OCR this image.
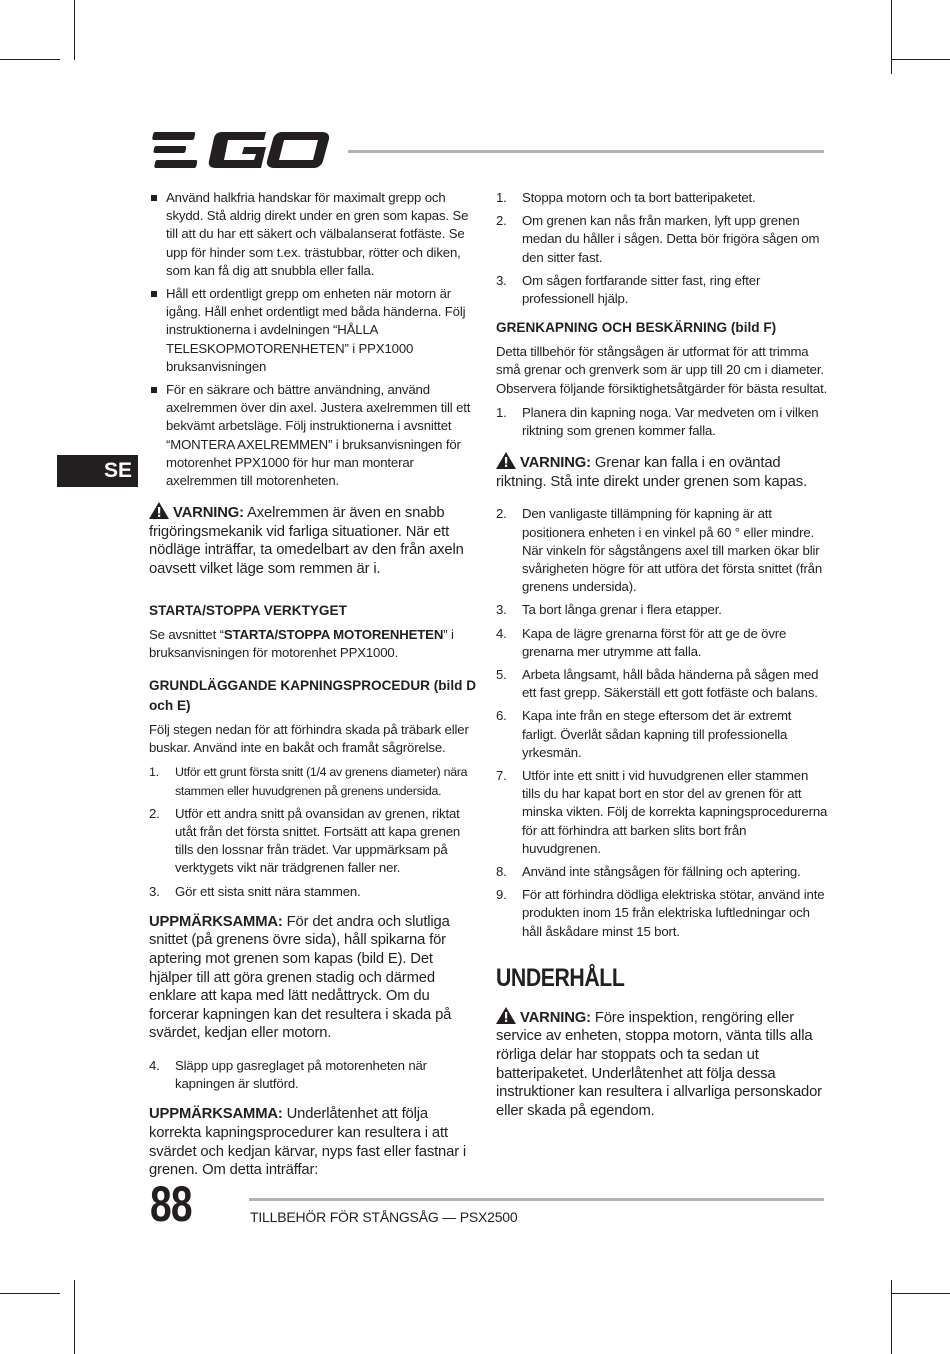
SE
Använd halkfria handskar för maximalt grepp och skydd. Stå aldrig direkt under en gren som kapas. Se till att du har ett säkert och välbalanserat fotfäste. Se upp för hinder som t.ex. trästubbar, rötter och diken, som kan få dig att snubbla eller falla.
Håll ett ordentligt grepp om enheten när motorn är igång. Håll enhet ordentligt med båda händerna. Följ instruktionerna i avdelningen “HÅLLA TELESKOPMOTORENHETEN” i PPX1000 bruksanvisningen
För en säkrare och bättre användning, använd axelremmen över din axel. Justera axelremmen till ett bekvämt arbetsläge. Följ instruktionerna i avsnittet “MONTERA AXELREMMEN” i bruksanvisningen för motorenhet PPX1000 för hur man monterar axelremmen till motorenheten.
VARNING: Axelremmen är även en snabb frigöringsmekanik vid farliga situationer. När ett nödläge inträffar, ta omedelbart av den från axeln oavsett vilket läge som remmen är i.
STARTA/STOPPA VERKTYGET
Se avsnittet “STARTA/STOPPA MOTORENHETEN” i bruksanvisningen för motorenhet PPX1000.
GRUNDLÄGGANDE KAPNINGSPROCEDUR (bild D och E)
Följ stegen nedan för att förhindra skada på träbark eller buskar. Använd inte en bakåt och framåt sågrörelse.
1. Utför ett grunt första snitt (1/4 av grenens diameter) nära stammen eller huvudgrenen på grenens undersida.
2. Utför ett andra snitt på ovansidan av grenen, riktat utåt från det första snittet. Fortsätt att kapa grenen tills den lossnar från trädet. Var uppmärksam på verktygets vikt när trädgrenen faller ner.
3. Gör ett sista snitt nära stammen.
UPPMÄRKSAMMA: För det andra och slutliga snittet (på grenens övre sida), håll spikarna för aptering mot grenen som kapas (bild E). Det hjälper till att göra grenen stadig och därmed enklare att kapa med lätt nedåttryck. Om du forcerar kapningen kan det resultera i skada på svärdet, kedjan eller motorn.
4. Släpp upp gasreglaget på motorenheten när kapningen är slutförd.
UPPMÄRKSAMMA: Underlåtenhet att följa korrekta kapningsprocedurer kan resultera i att svärdet och kedjan kärvar, nyps fast eller fastnar i grenen. Om detta inträffar:
1. Stoppa motorn och ta bort batteripaketet.
2. Om grenen kan nås från marken, lyft upp grenen medan du håller i sågen. Detta bör frigöra sågen om den sitter fast.
3. Om sågen fortfarande sitter fast, ring efter professionell hjälp.
GRENKAPNING OCH BESKÄRNING (bild F)
Detta tillbehör för stångsågen är utformat för att trimma små grenar och grenverk som är upp till 20 cm i diameter. Observera följande försiktighetsåtgärder för bästa resultat.
1. Planera din kapning noga. Var medveten om i vilken riktning som grenen kommer falla.
VARNING: Grenar kan falla i en oväntad riktning. Stå inte direkt under grenen som kapas.
2. Den vanligaste tillämpning för kapning är att positionera enheten i en vinkel på 60 ° eller mindre. När vinkeln för sågstångens axel till marken ökar blir svårigheten högre för att utföra det första snittet (från grenens undersida).
3. Ta bort långa grenar i flera etapper.
4. Kapa de lägre grenarna först för att ge de övre grenarna mer utrymme att falla.
5. Arbeta långsamt, håll båda händerna på sågen med ett fast grepp. Säkerställ ett gott fotfäste och balans.
6. Kapa inte från en stege eftersom det är extremt farligt. Överlåt sådan kapning till professionella yrkesmän.
7. Utför inte ett snitt i vid huvudgrenen eller stammen tills du har kapat bort en stor del av grenen för att minska vikten. Följ de korrekta kapningsprocedurerna för att förhindra att barken slits bort från huvudgrenen.
8. Använd inte stångsågen för fällning och aptering.
9. För att förhindra dödliga elektriska stötar, använd inte produkten inom 15 från elektriska luftledningar och håll åskådare minst 15 bort.
UNDERHÅLL
VARNING: Före inspektion, rengöring eller service av enheten, stoppa motorn, vänta tills alla rörliga delar har stoppats och ta sedan ut batteripaketet. Underlåtenhet att följa dessa instruktioner kan resultera i allvarliga personskador eller skada på egendom.
88	TILLBEHÖR FÖR STÅNGSÅG — PSX2500
